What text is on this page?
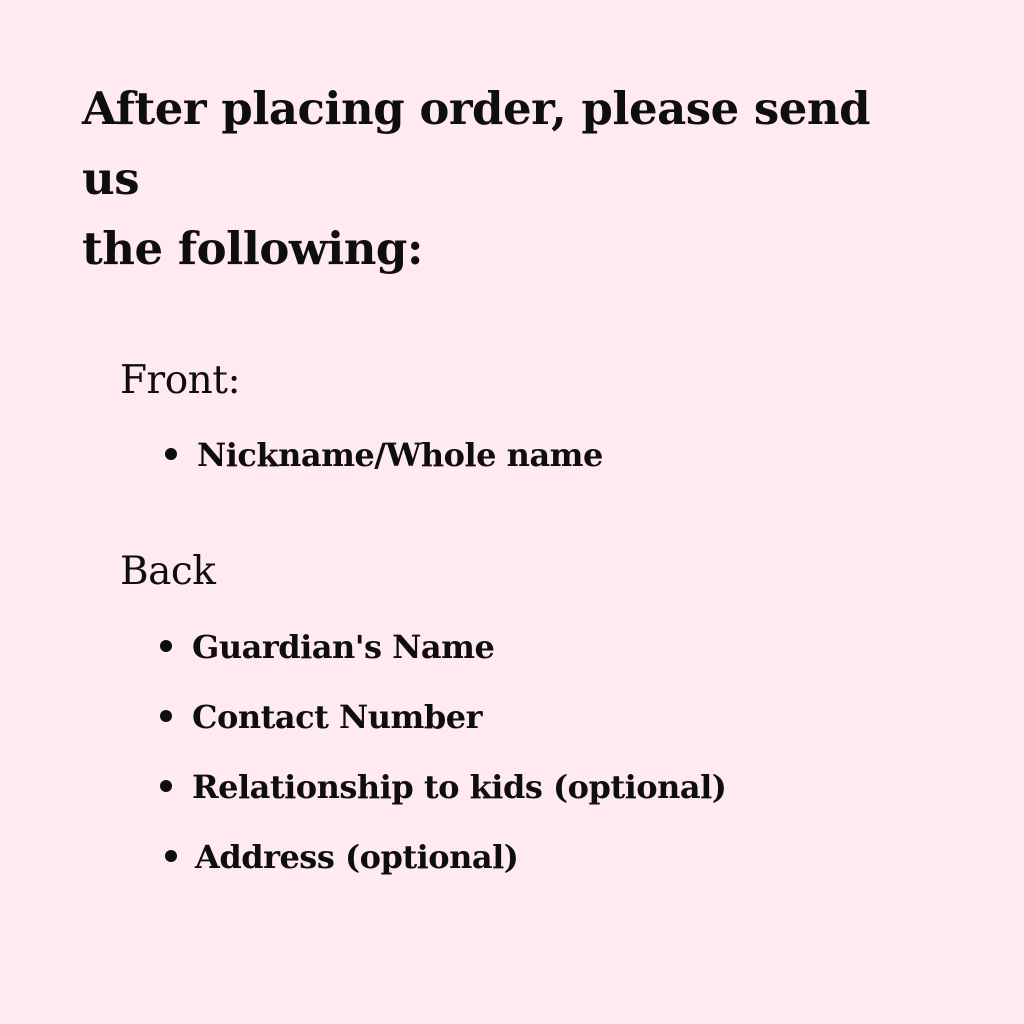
After placing order, please send us
the following:
Front:
Nickname/Whole name
Back
Guardian's Name
Contact Number
Relationship to kids (optional)
Address (optional)
